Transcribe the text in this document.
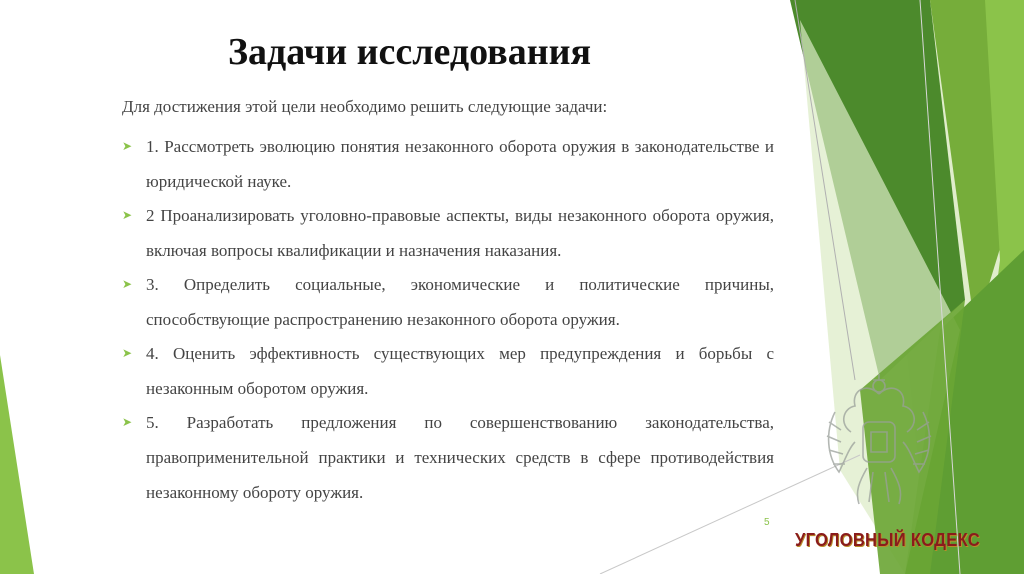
Задачи исследования
Для достижения этой цели необходимо решить следующие задачи:
➤ 1. Рассмотреть эволюцию понятия незаконного оборота оружия в законодательстве и юридической науке.
➤ 2 Проанализировать уголовно-правовые аспекты, виды незаконного оборота оружия, включая вопросы квалификации и назначения наказания.
➤ 3. Определить социальные, экономические и политические причины, способствующие распространению незаконного оборота оружия.
➤ 4. Оценить эффективность существующих мер предупреждения и борьбы с незаконным оборотом оружия.
➤ 5. Разработать предложения по совершенствованию законодательства, правоприменительной практики и технических средств в сфере противодействия незаконному обороту оружия.
5
УГОЛОВНЫЙ КОДЕКС
